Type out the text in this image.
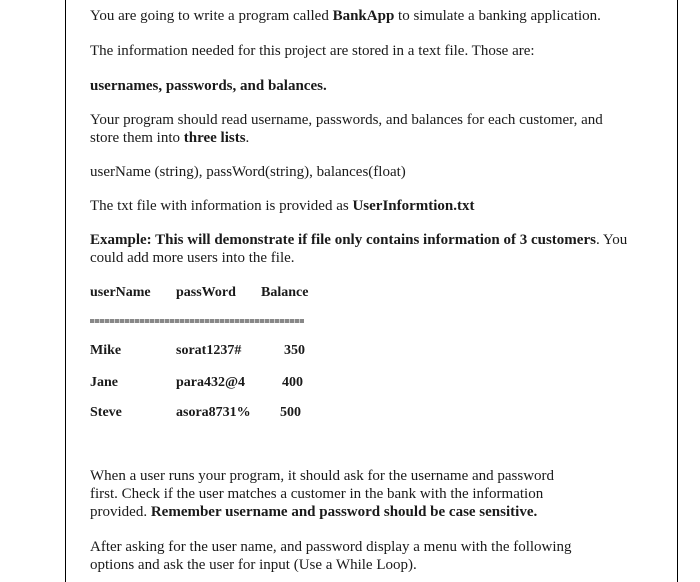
You are going to write a program called BankApp to simulate a banking application.

The information needed for this project are stored in a text file. Those are:

usernames, passwords, and balances.

Your program should read username, passwords, and balances for each customer, and

store them into three lists.

userName (string), passWord(string), balances(float)

The txt file with information is provided as UserInformtion.txt

Example: This will demonstrate if file only contains information of 3 customers. You

could add more users into the file.

userName passWord Balance
Mike	sorat1237#	350
Jane	para432@4	400
Steve	asora8731% 500

When a user runs your program, it should ask for the username and password

first. Check if the user matches a customer in the bank with the information

provided. Remember username and password should be case sensitive.

After asking for the user name, and password display a menu with the following

options and ask the user for input (Use a While Loop).
